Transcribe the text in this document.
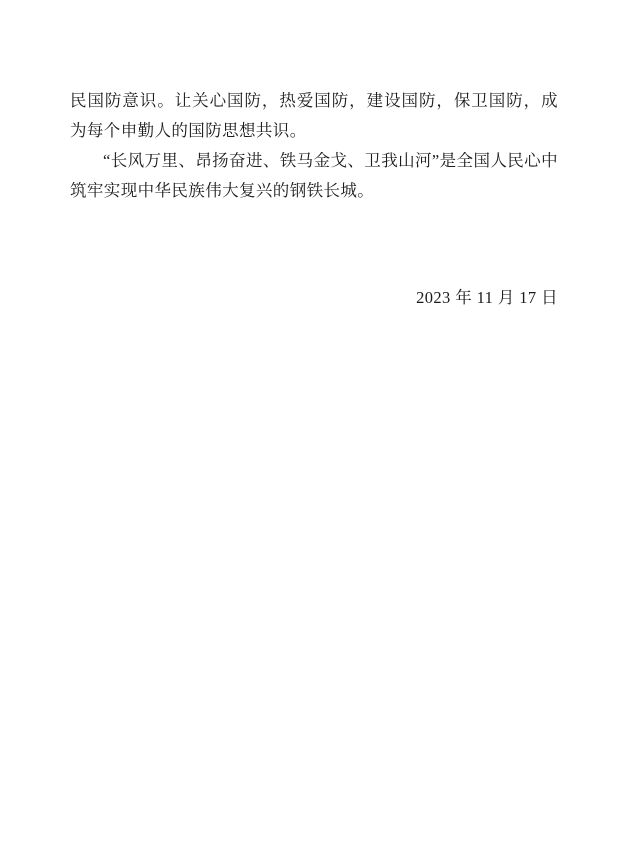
民国防意识。让关心国防，热爱国防，建设国防，保卫国防，成为每个申勤人的国防思想共识。

“长风万里、昂扬奋进、铁马金戈、卫我山河”是全国人民心中筑牢实现中华民族伟大复兴的钢铁长城。

2023 年 11 月 17 日
